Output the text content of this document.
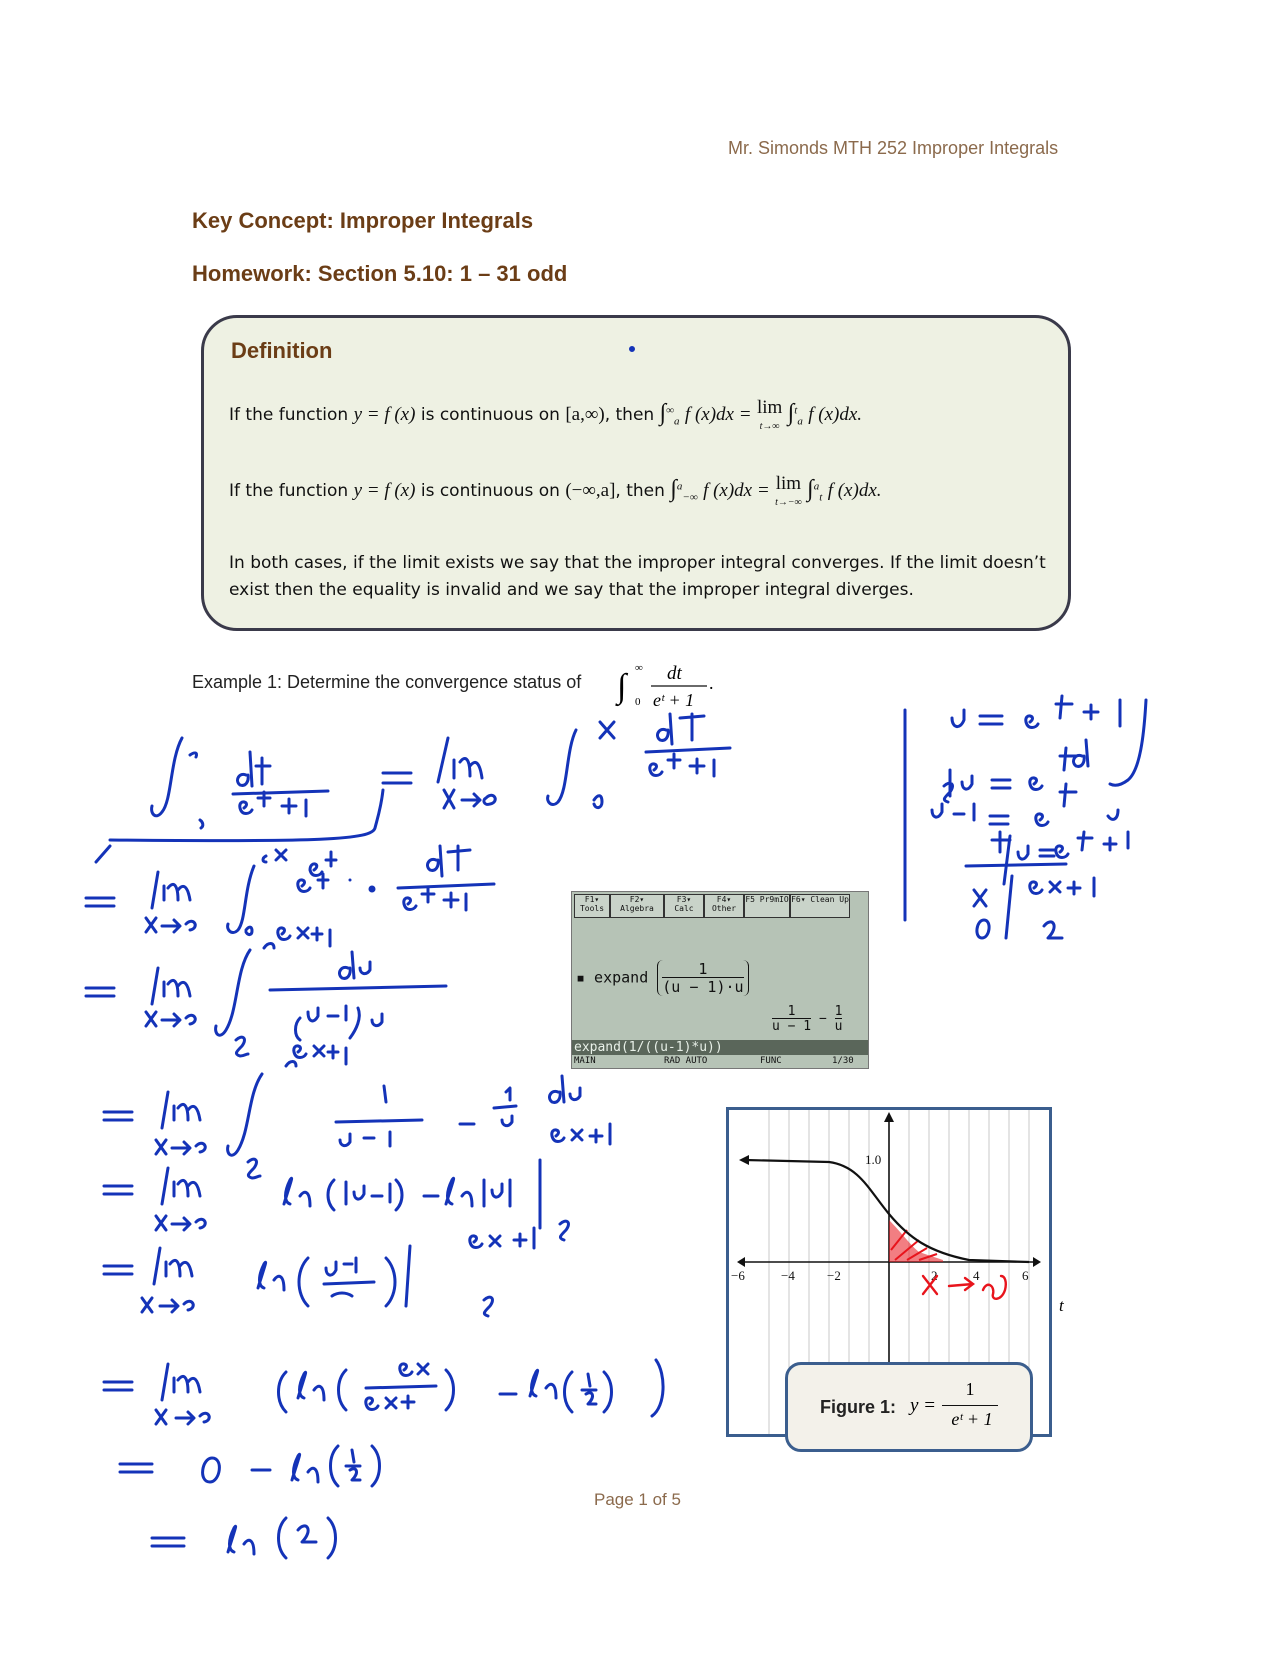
Mr. Simonds MTH 252 Improper Integrals
Key Concept: Improper Integrals
Homework: Section 5.10: 1 – 31 odd
Definition
If the function y = f (x) is continuous on [a,∞), then $\int^\infty_a$ f (x)dx = lim
t→∞ ∫$^t_a$ f (x)dx.
If the function y = f (x) is continuous on (−∞,a], then ∫$^a_{-\infty}$ f (x)dx = lim
t→−∞ ∫$^a_t$ f (x)dx.
In both cases, if the limit exists we say that the improper integral converges. If the limit doesn’t exist then the equality is invalid and we say that the improper integral diverges.
Example 1: Determine the convergence status of ∫ ∞
0
dt
eᵗ + 1
.
F1▾ Tools
F2▾ Algebra
F3▾ Calc
F4▾ Other
F5 Pr9mIO F6▾ Clean Up
▪ expand $\frac{1}{(u - 1)\cdot u}$
$\frac{1}{u - 1} - \frac{1}{u}$
expand(1/((u-1)*u))
MAIN	RAD AUTO	FUNC	1/30
−6	−4 −2	2	4	6
1.0
t
Figure 1: y =
1
eᵗ + 1
Page 1 of 5
